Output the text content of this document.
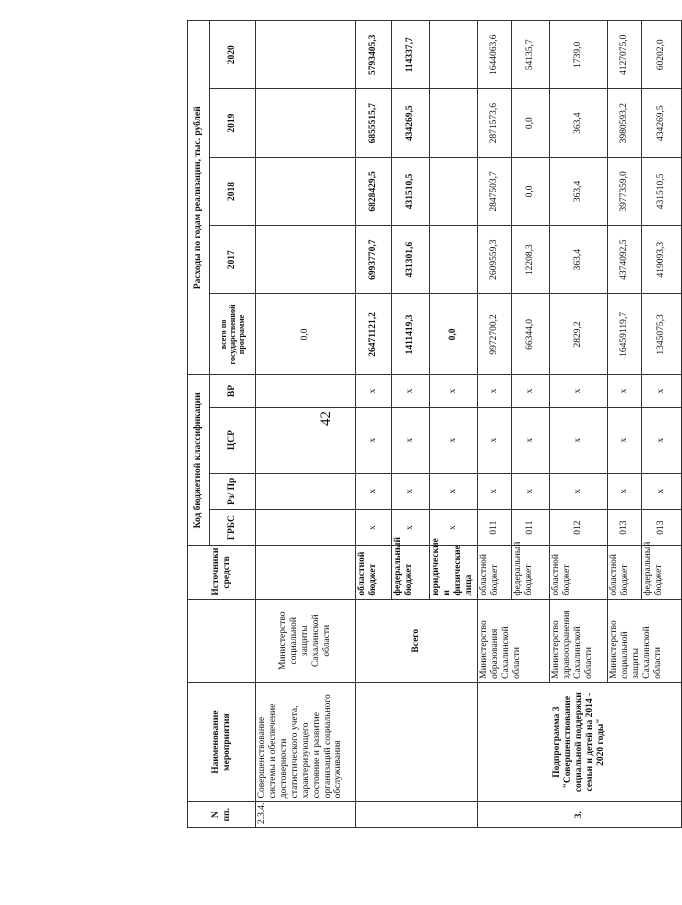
42
N пп.	Наименование мероприятия		Источники средств	Код бюджетной классификации				Расходы по годам реализации, тыс. рублей				
				ГРБС	Рз/ Пр	ЦСР	ВР	всего по государственной программе	2017	2018	2019	2020
2.3.4.	Совершенствование системы и обеспечение достоверности статистического учета, характеризующего состояние и развитие организаций социального обслуживания	Министерство социальной защиты Сахалинской области						0,0				
		Всего	областной бюджет	х	х	х	х	26471121,2	6993770,7	6828429,5	6855515,7	5793405,3
			федеральный бюджет	х	х	х	х	1411419,3	431301,6	431510,5	434269,5	114337,7
			юридические и физические лица	х	х	х	х	0,0				
3.	Подпрограмма 3 "Совершенствование социальной поддержки семьи и детей на 2014 - 2020 годы"	Министерство образования Сахалинской области	областной бюджет	011	х	х	х	9972700,2	2609559,3	2847503,7	2871573,6	1644063,6
			федеральный бюджет	011	х	х	х	66344,0	12208,3	0,0	0,0	54135,7
		Министерство здравоохранения Сахалинской области	областной бюджет	012	х	х	х	2829,2	363,4	363,4	363,4	1739,0
		Министерство социальной защиты Сахалинской области	областной бюджет	013	х	х	х	16459119,7	4374092,5	3977359,0	3980593,2	4127075,0
			федеральный бюджет	013	х	х	х	1345075,3	419093,3	431510,5	434269,5	60202,0
